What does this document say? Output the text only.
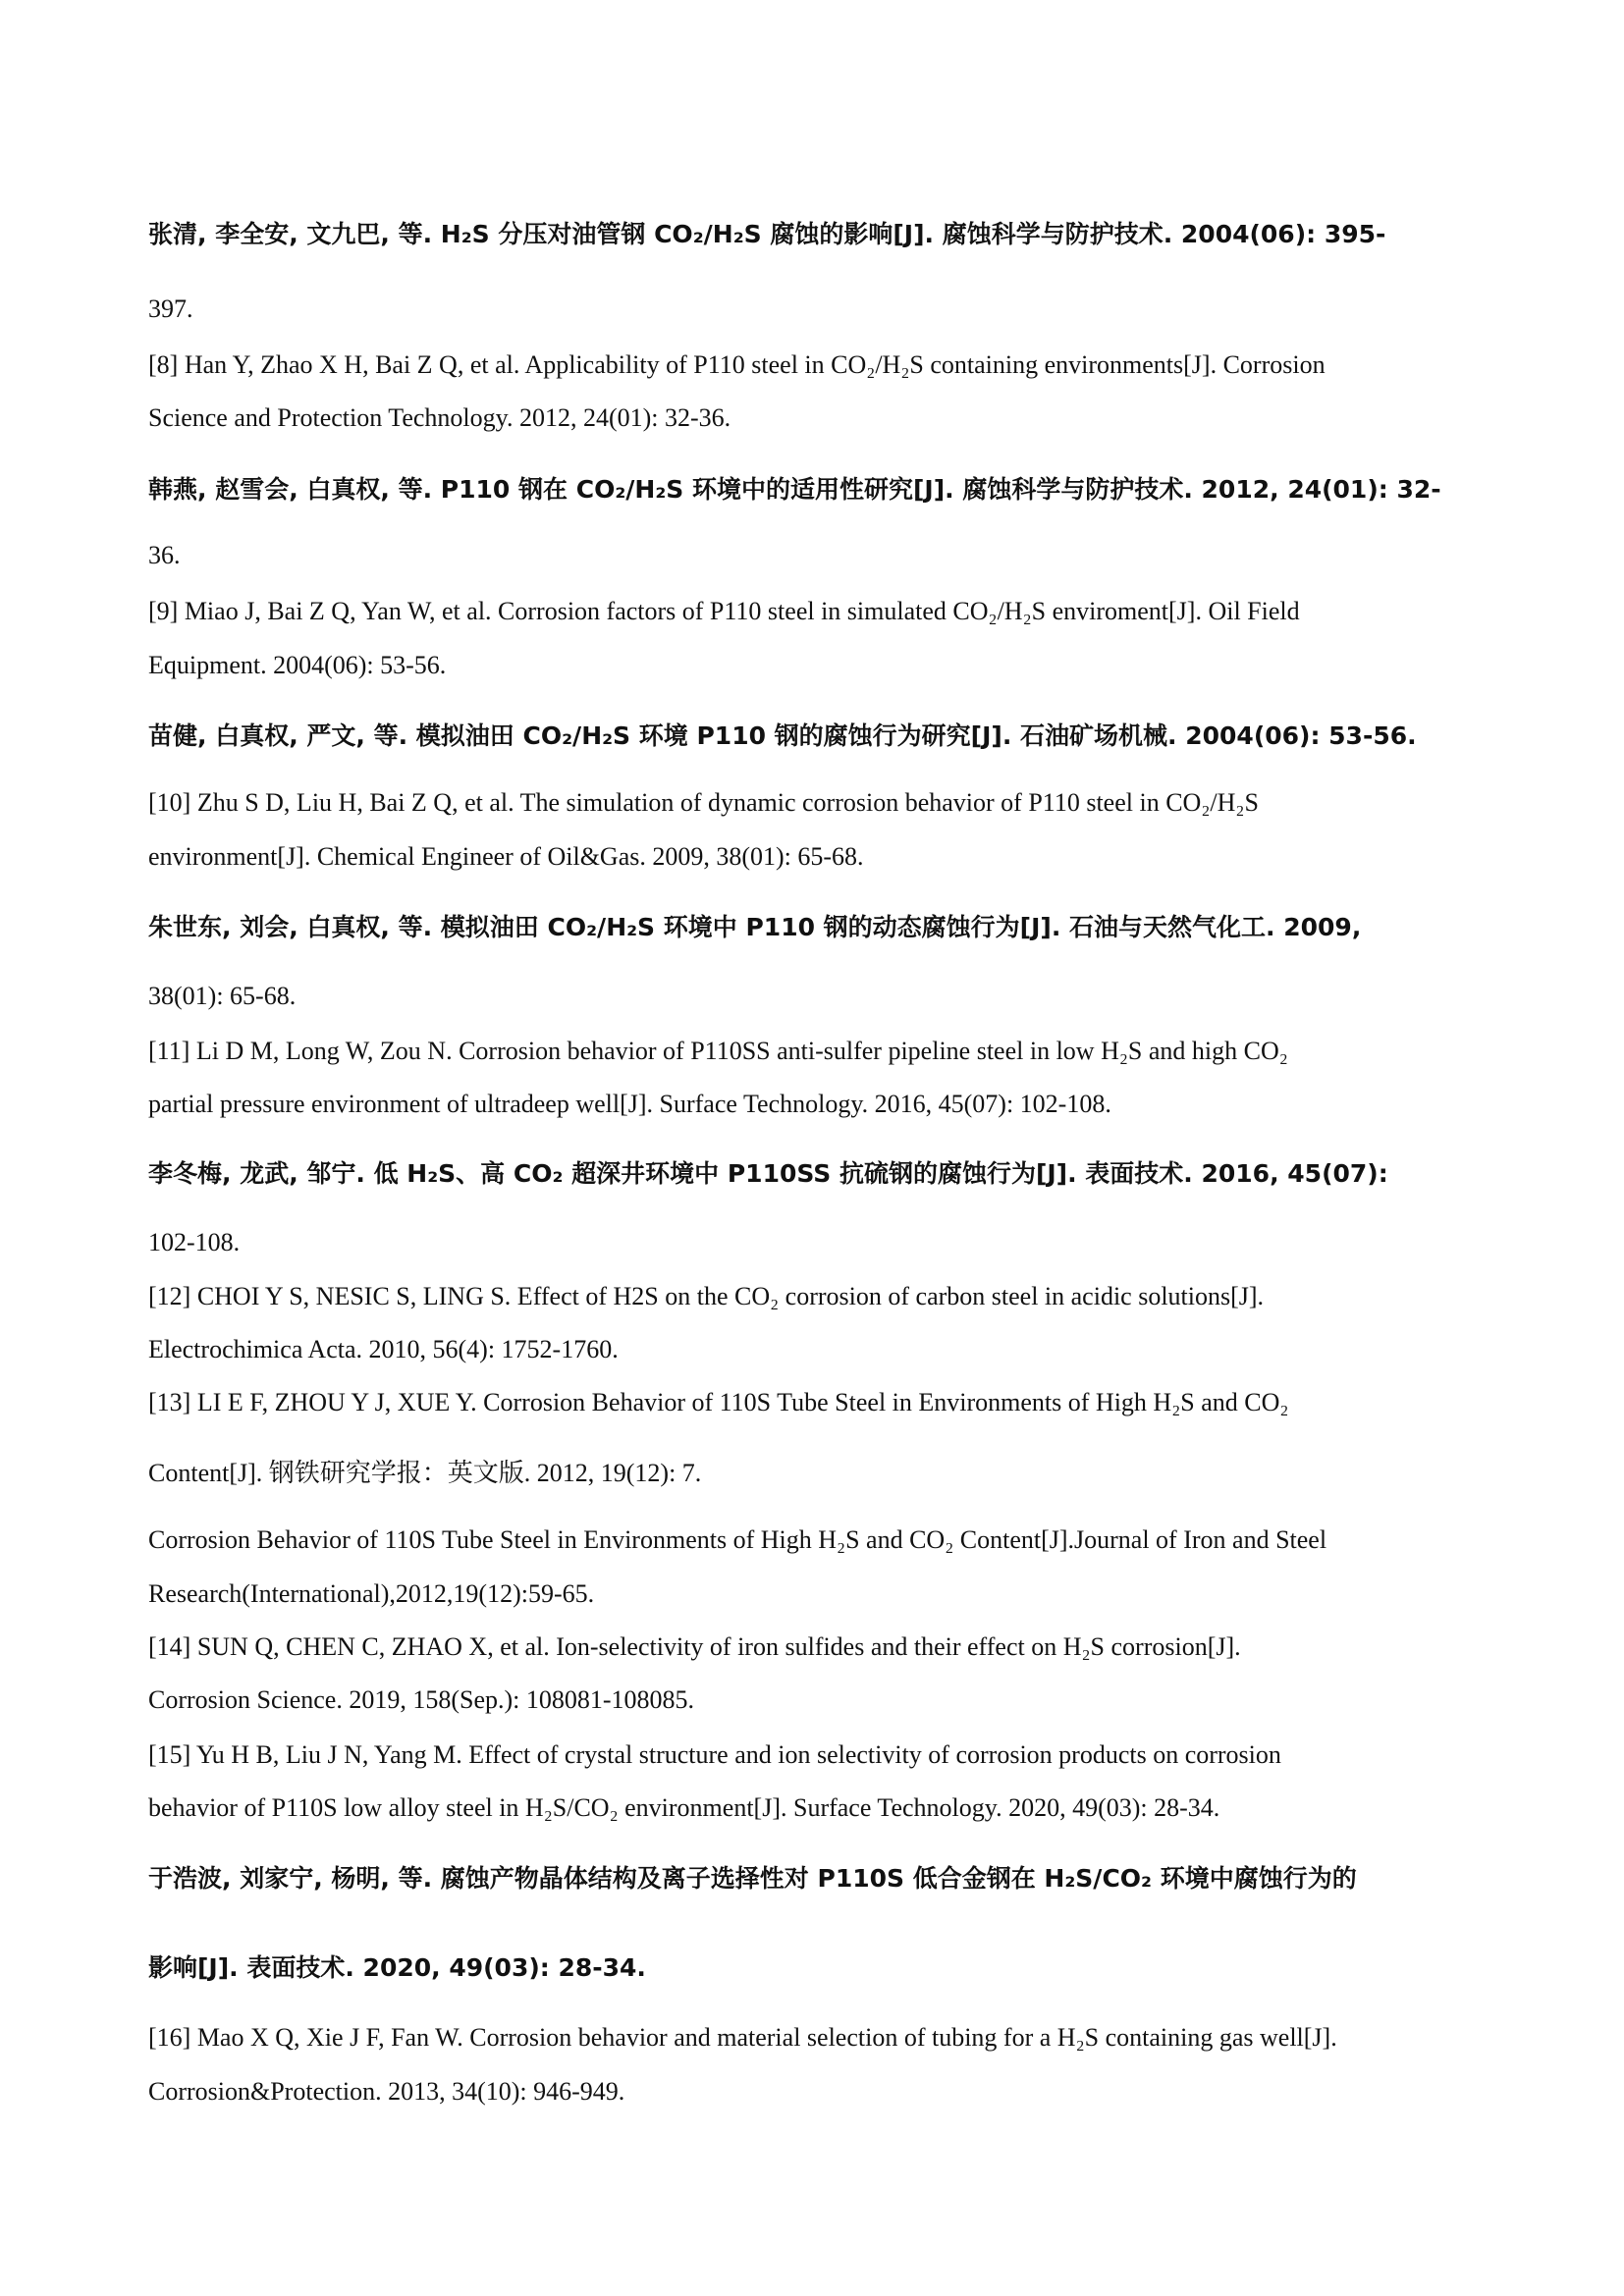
张清, 李全安, 文九巴, 等. H₂S 分压对油管钢 CO₂/H₂S 腐蚀的影响[J]. 腐蚀科学与防护技术. 2004(06): 395-
397.
[8] Han Y, Zhao X H, Bai Z Q, et al. Applicability of P110 steel in CO₂/H₂S containing environments[J]. Corrosion
Science and Protection Technology. 2012, 24(01): 32-36.
韩燕, 赵雪会, 白真权, 等. P110 钢在 CO₂/H₂S 环境中的适用性研究[J]. 腐蚀科学与防护技术. 2012, 24(01): 32-
36.
[9] Miao J, Bai Z Q, Yan W, et al. Corrosion factors of P110 steel in simulated CO₂/H₂S enviroment[J]. Oil Field
Equipment. 2004(06): 53-56.
苗健, 白真权, 严文, 等. 模拟油田 CO₂/H₂S 环境 P110 钢的腐蚀行为研究[J]. 石油矿场机械. 2004(06): 53-56.
[10] Zhu S D, Liu H, Bai Z Q, et al. The simulation of dynamic corrosion behavior of P110 steel in CO₂/H₂S
environment[J]. Chemical Engineer of Oil&Gas. 2009, 38(01): 65-68.
朱世东, 刘会, 白真权, 等. 模拟油田 CO₂/H₂S 环境中 P110 钢的动态腐蚀行为[J]. 石油与天然气化工. 2009,
38(01): 65-68.
[11] Li D M, Long W, Zou N. Corrosion behavior of P110SS anti-sulfer pipeline steel in low H₂S and high CO₂
partial pressure environment of ultradeep well[J]. Surface Technology. 2016, 45(07): 102-108.
李冬梅, 龙武, 邹宁. 低 H₂S、高 CO₂ 超深井环境中 P110SS 抗硫钢的腐蚀行为[J]. 表面技术. 2016, 45(07):
102-108.
[12] CHOI Y S, NESIC S, LING S. Effect of H2S on the CO₂ corrosion of carbon steel in acidic solutions[J].
Electrochimica Acta. 2010, 56(4): 1752-1760.
[13] LI E F, ZHOU Y J, XUE Y. Corrosion Behavior of 110S Tube Steel in Environments of High H₂S and CO₂
Content[J]. 钢铁研究学报：英文版. 2012, 19(12): 7.
Corrosion Behavior of 110S Tube Steel in Environments of High H₂S and CO₂ Content[J].Journal of Iron and Steel
Research(International),2012,19(12):59-65.
[14] SUN Q, CHEN C, ZHAO X, et al. Ion-selectivity of iron sulfides and their effect on H₂S corrosion[J].
Corrosion Science. 2019, 158(Sep.): 108081-108085.
[15] Yu H B, Liu J N, Yang M. Effect of crystal structure and ion selectivity of corrosion products on corrosion
behavior of P110S low alloy steel in H₂S/CO₂ environment[J]. Surface Technology. 2020, 49(03): 28-34.
于浩波, 刘家宁, 杨明, 等. 腐蚀产物晶体结构及离子选择性对 P110S 低合金钢在 H₂S/CO₂ 环境中腐蚀行为的
影响[J]. 表面技术. 2020, 49(03): 28-34.
[16] Mao X Q, Xie J F, Fan W. Corrosion behavior and material selection of tubing for a H₂S containing gas well[J].
Corrosion&Protection. 2013, 34(10): 946-949.
